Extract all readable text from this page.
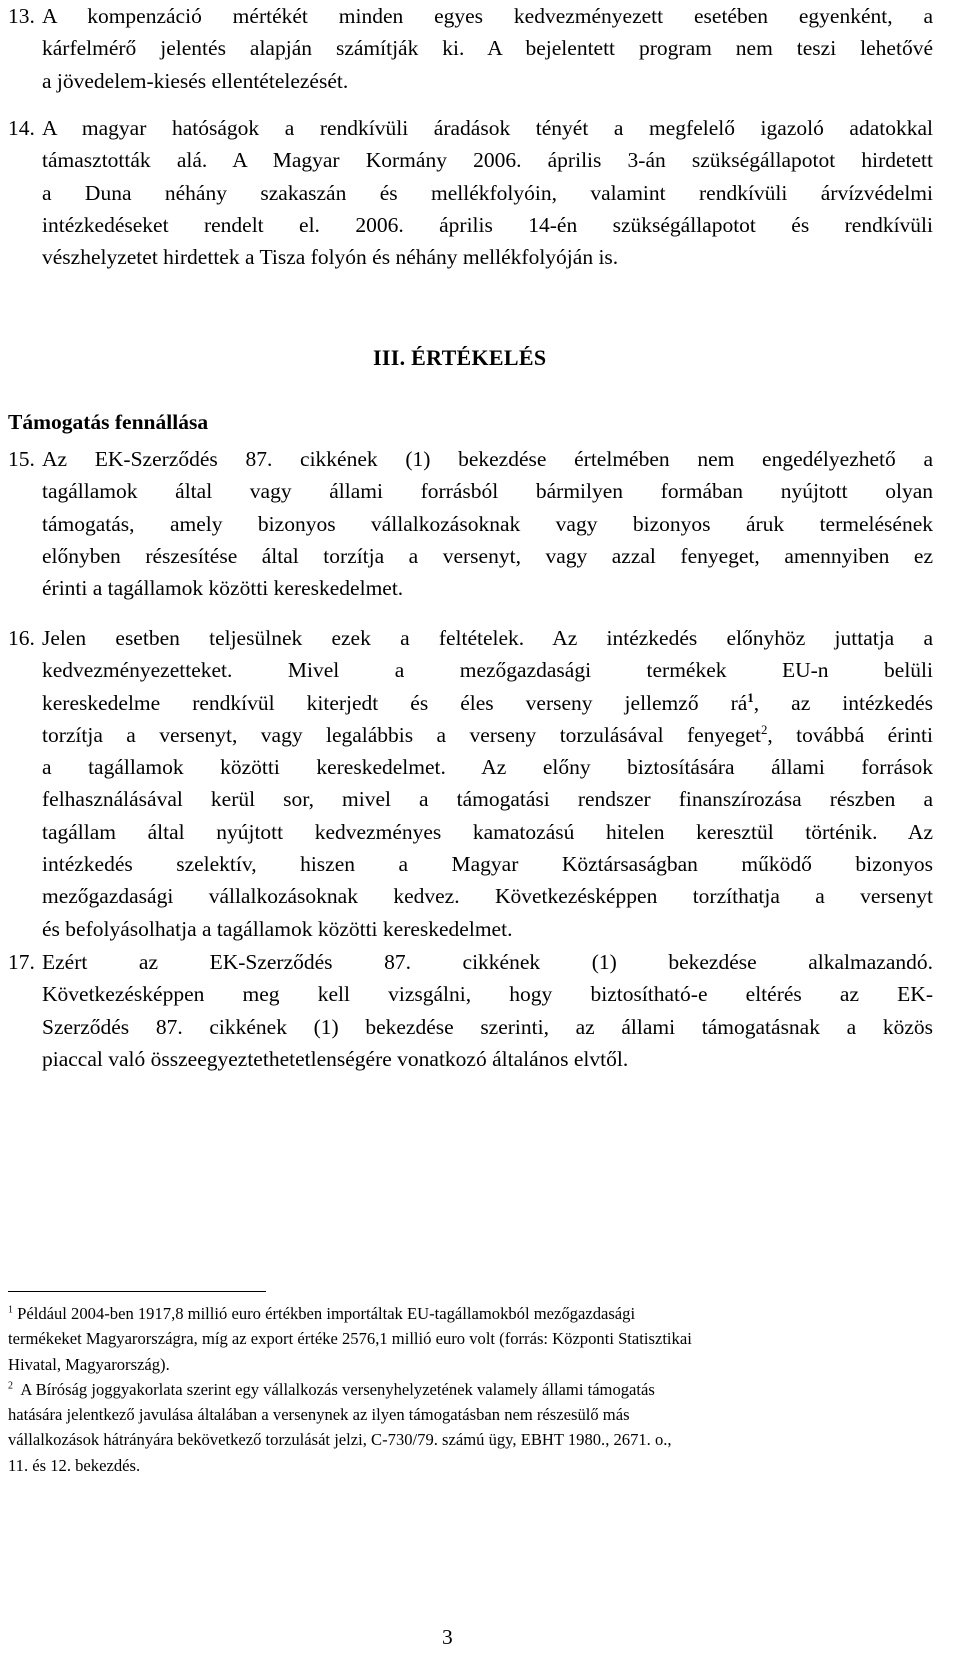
13. A kompenzáció mértékét minden egyes kedvezményezett esetében egyenként, a
kárfelmérő jelentés alapján számítják ki. A bejelentett program nem teszi lehetővé
a jövedelem-kiesés ellentételezését.
14. A magyar hatóságok a rendkívüli áradások tényét a megfelelő igazoló adatokkal
támasztották alá. A Magyar Kormány 2006. április 3-án szükségállapotot hirdetett
a Duna néhány szakaszán és mellékfolyóin, valamint rendkívüli árvízvédelmi
intézkedéseket rendelt el. 2006. április 14-én szükségállapotot és rendkívüli
vészhelyzetet hirdettek a Tisza folyón és néhány mellékfolyóján is.
III. ÉRTÉKELÉS
Támogatás fennállása
15. Az EK-Szerződés 87. cikkének (1) bekezdése értelmében nem engedélyezhető a
tagállamok által vagy állami forrásból bármilyen formában nyújtott olyan
támogatás, amely bizonyos vállalkozásoknak vagy bizonyos áruk termelésének
előnyben részesítése által torzítja a versenyt, vagy azzal fenyeget, amennyiben ez
érinti a tagállamok közötti kereskedelmet.
16. Jelen esetben teljesülnek ezek a feltételek. Az intézkedés előnyhöz juttatja a
kedvezményezetteket. Mivel a mezőgazdasági termékek EU-n belüli
kereskedelme rendkívül kiterjedt és éles verseny jellemző $rá^1$, az intézkedés
torzítja a versenyt, vagy legalábbis a verseny torzulásával fenyeget$^2$, továbbá érinti
a tagállamok közötti kereskedelmet. Az előny biztosítására állami források
felhasználásával kerül sor, mivel a támogatási rendszer finanszírozása részben a
tagállam által nyújtott kedvezményes kamatozású hitelen keresztül történik. Az
intézkedés szelektív, hiszen a Magyar Köztársaságban működő bizonyos
mezőgazdasági vállalkozásoknak kedvez. Következésképpen torzíthatja a versenyt
és befolyásolhatja a tagállamok közötti kereskedelmet.
17. Ezért az EK-Szerződés 87. cikkének (1) bekezdése alkalmazandó.
Következésképpen meg kell vizsgálni, hogy biztosítható-e eltérés az EK-
Szerződés 87. cikkének (1) bekezdése szerinti, az állami támogatásnak a közös
piaccal való összeegyeztethetetlenségére vonatkozó általános elvtől.
$^1$ Például 2004-ben 1917,8 millió euro értékben importáltak EU-tagállamokból mezőgazdasági
termékeket Magyarországra, míg az export értéke 2576,1 millió euro volt (forrás: Központi Statisztikai
Hivatal, Magyarország).
$^2$ A Bíróság joggyakorlata szerint egy vállalkozás versenyhelyzetének valamely állami támogatás
hatására jelentkező javulása általában a versenynek az ilyen támogatásban nem részesülő más
vállalkozások hátrányára bekövetkező torzulását jelzi, C-730/79. számú ügy, EBHT 1980., 2671. o.,
11. és 12. bekezdés.
3
